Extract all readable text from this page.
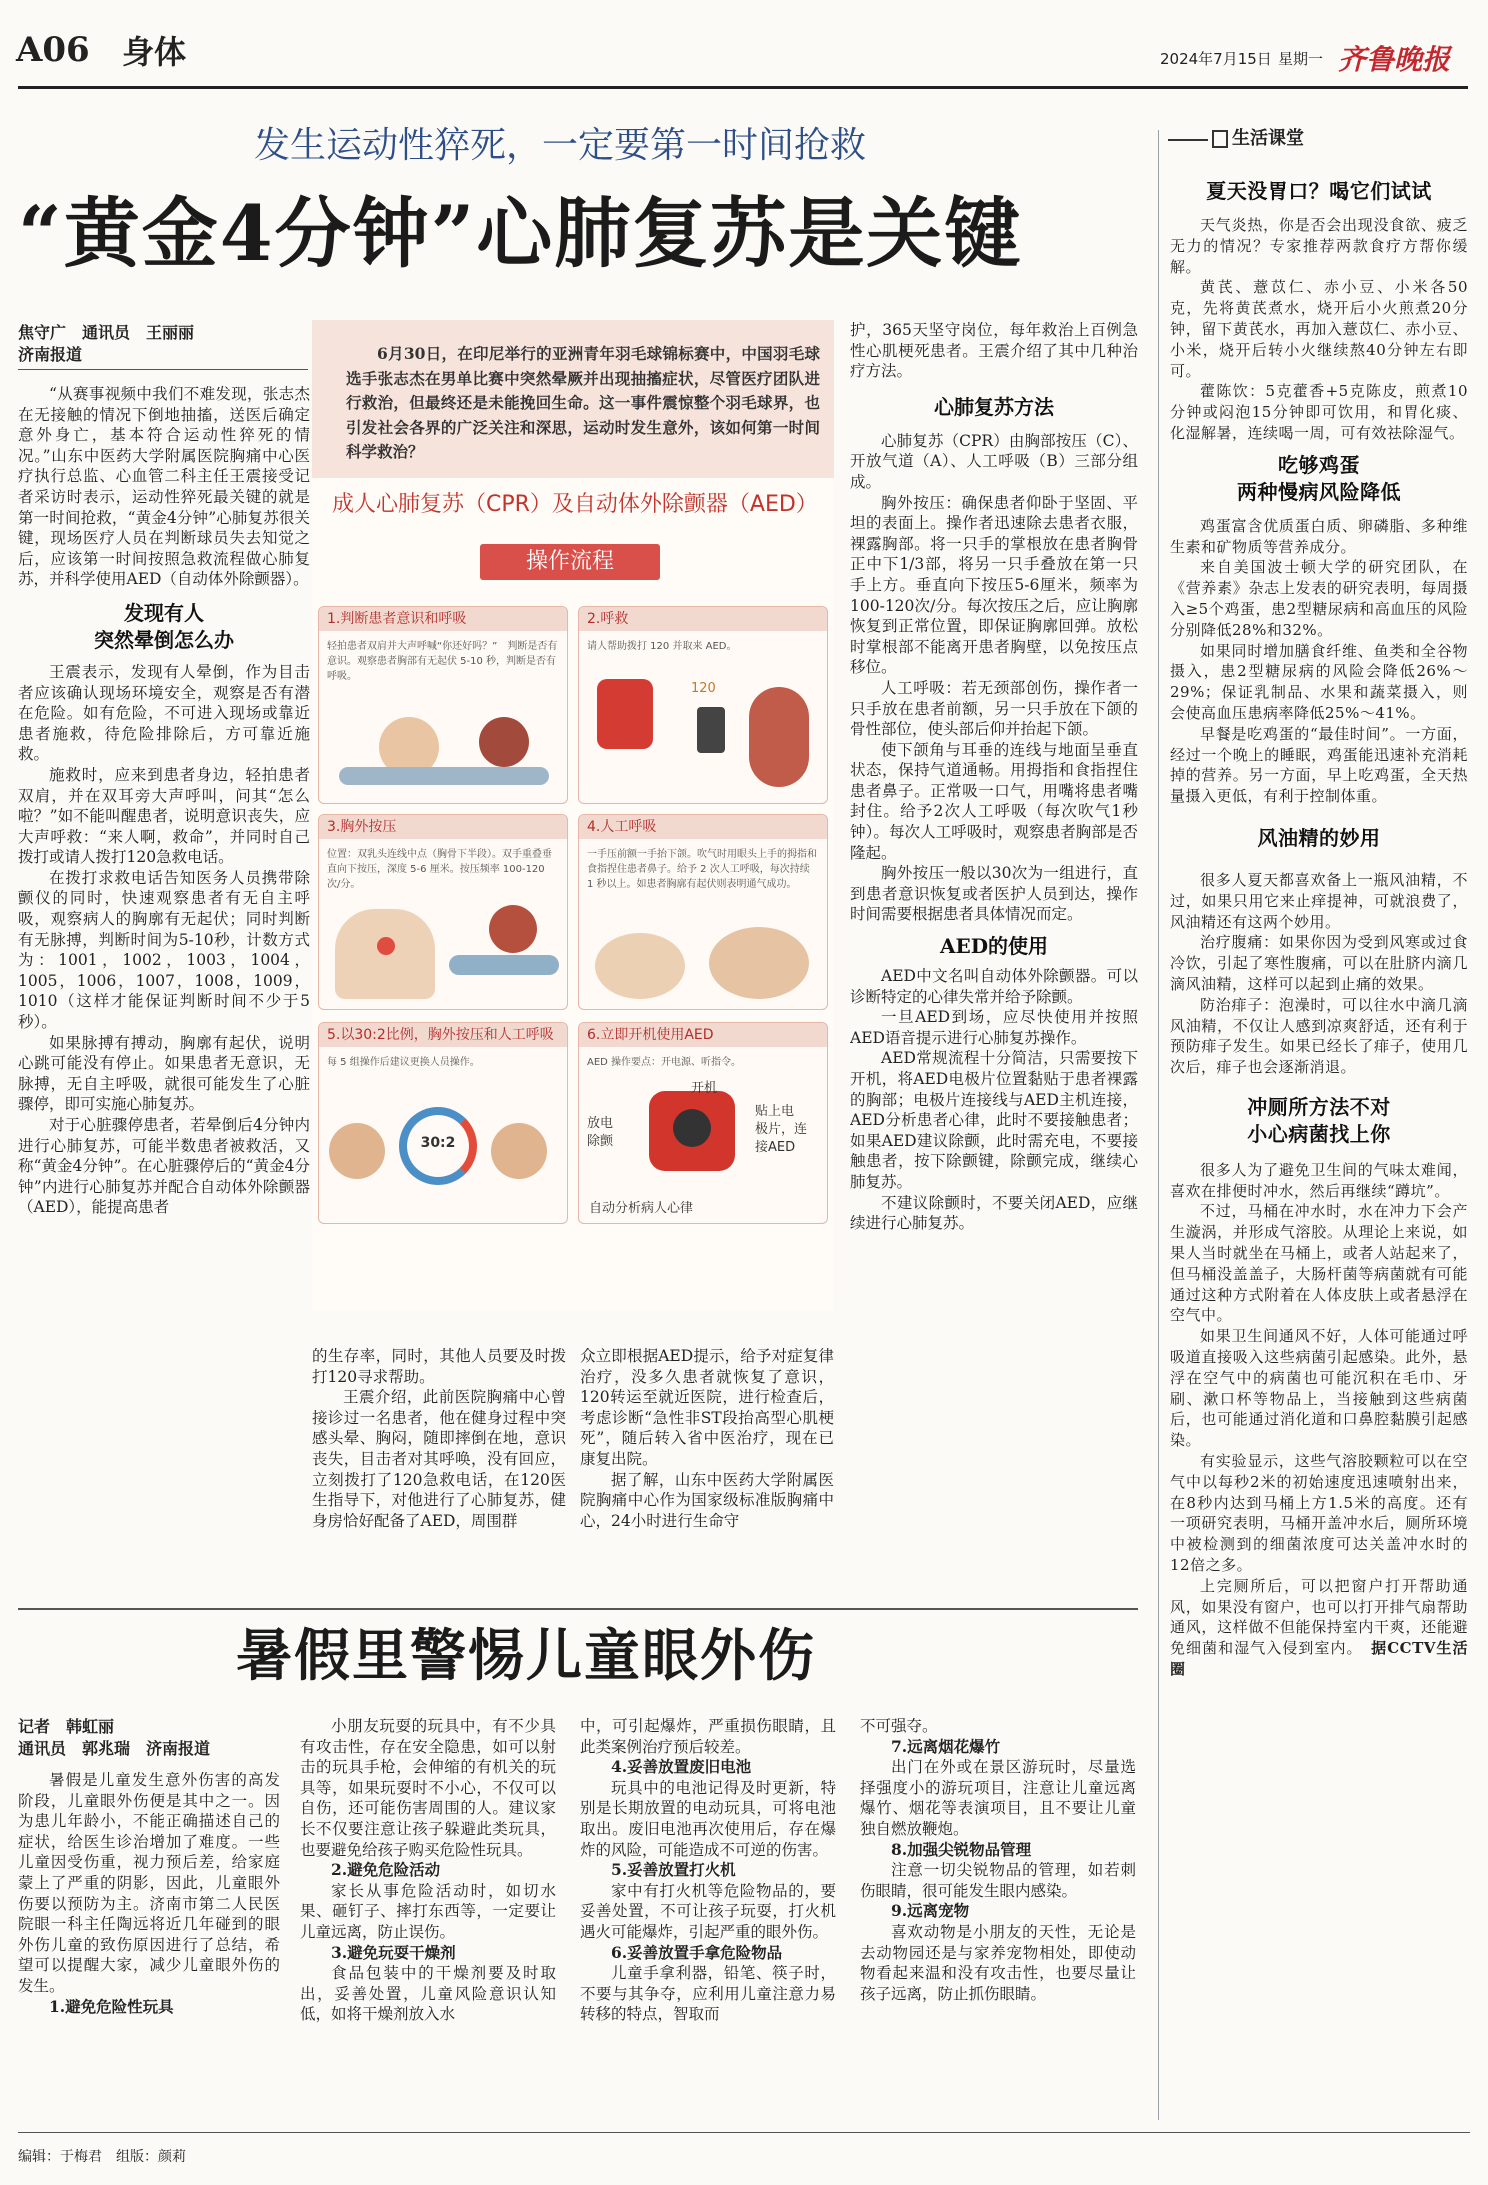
A06 身体	2024年7月15日 星期一 齐鲁晚报
发生运动性猝死，一定要第一时间抢救
“黄金4分钟”心肺复苏是关键
焦守广　通讯员　王丽丽
济南报道

“从赛事视频中我们不难发现，张志杰在无接触的情况下倒地抽搐，送医后确定意外身亡，基本符合运动性猝死的情况。”山东中医药大学附属医院胸痛中心医疗执行总监、心血管二科主任王震接受记者采访时表示，运动性猝死最关键的就是第一时间抢救，“黄金4分钟”心肺复苏很关键，现场医疗人员在判断球员失去知觉之后，应该第一时间按照急救流程做心肺复苏，并科学使用AED（自动体外除颤器）。

发现有人
突然晕倒怎么办

王震表示，发现有人晕倒，作为目击者应该确认现场环境安全，观察是否有潜在危险。如有危险，不可进入现场或靠近患者施救，待危险排除后，方可靠近施救。

施救时，应来到患者身边，轻拍患者双肩，并在双耳旁大声呼叫，问其“怎么啦？”如不能叫醒患者，说明意识丧失，应大声呼救：“来人啊，救命”，并同时自己拨打或请人拨打120急救电话。

在拨打求救电话告知医务人员携带除颤仪的同时，快速观察患者有无自主呼吸，观察病人的胸廓有无起伏；同时判断有无脉搏，判断时间为5-10秒，计数方式为：1001，1002，1003，1004，1005，1006，1007，1008，1009，1010（这样才能保证判断时间不少于5秒）。

如果脉搏有搏动，胸廓有起伏，说明心跳可能没有停止。如果患者无意识，无脉搏，无自主呼吸，就很可能发生了心脏骤停，即可实施心肺复苏。

对于心脏骤停患者，若晕倒后4分钟内进行心肺复苏，可能半数患者被救活，又称“黄金4分钟”。在心脏骤停后的“黄金4分钟”内进行心肺复苏并配合自动体外除颤器（AED），能提高患者

6月30日，在印尼举行的亚洲青年羽毛球锦标赛中，中国羽毛球选手张志杰在男单比赛中突然晕厥并出现抽搐症状，尽管医疗团队进行救治，但最终还是未能挽回生命。这一事件震惊整个羽毛球界，也引发社会各界的广泛关注和深思，运动时发生意外，该如何第一时间科学救治？
成人心肺复苏（CPR）及自动体外除颤器（AED）
操作流程
1.判断患者意识和呼吸
轻拍患者双肩并大声呼喊“你还好吗？”　判断是否有意识。观察患者胸部有无起伏 5-10 秒，判断是否有呼吸。
2.呼救
请人帮助拨打 120 并取来 AED。
120
3.胸外按压
位置：双乳头连线中点（胸骨下半段）。双手重叠垂直向下按压，深度 5-6 厘米。按压频率 100-120 次/分。
4.人工呼吸
一手压前额一手抬下颌。吹气时用眼头上手的拇指和食指捏住患者鼻子。给予 2 次人工呼吸，每次持续 1 秒以上。如患者胸廓有起伏则表明通气成功。
5.以30:2比例，胸外按压和人工呼吸
每 5 组操作后建议更换人员操作。
30:2
6.立即开机使用AED
AED 操作要点：开电源、听指令。
开机
放电
除颤
贴上电
极片，连
接AED
自动分析病人心律

的生存率，同时，其他人员要及时拨打120寻求帮助。

王震介绍，此前医院胸痛中心曾接诊过一名患者，他在健身过程中突感头晕、胸闷，随即摔倒在地，意识丧失，目击者对其呼唤，没有回应，立刻拨打了120急救电话，在120医生指导下，对他进行了心肺复苏，健身房恰好配备了AED，周围群

众立即根据AED提示，给予对症复律治疗，没多久患者就恢复了意识，120转运至就近医院，进行检查后，考虑诊断“急性非ST段抬高型心肌梗死”，随后转入省中医治疗，现在已康复出院。

据了解，山东中医药大学附属医院胸痛中心作为国家级标准版胸痛中心，24小时进行生命守

护，365天坚守岗位，每年救治上百例急性心肌梗死患者。王震介绍了其中几种治疗方法。

心肺复苏方法

心肺复苏（CPR）由胸部按压（C）、开放气道（A）、人工呼吸（B）三部分组成。

胸外按压：确保患者仰卧于坚固、平坦的表面上。操作者迅速除去患者衣服，裸露胸部。将一只手的掌根放在患者胸骨正中下1/3部，将另一只手叠放在第一只手上方。垂直向下按压5-6厘米，频率为100-120次/分。每次按压之后，应让胸廓恢复到正常位置，即保证胸廓回弹。放松时掌根部不能离开患者胸壁，以免按压点移位。

人工呼吸：若无颈部创伤，操作者一只手放在患者前额，另一只手放在下颌的骨性部位，使头部后仰并抬起下颌。

使下颌角与耳垂的连线与地面呈垂直状态，保持气道通畅。用拇指和食指捏住患者鼻子。正常吸一口气，用嘴将患者嘴封住。给予2次人工呼吸（每次吹气1秒钟）。每次人工呼吸时，观察患者胸部是否隆起。

胸外按压一般以30次为一组进行，直到患者意识恢复或者医护人员到达，操作时间需要根据患者具体情况而定。

AED的使用

AED中文名叫自动体外除颤器。可以诊断特定的心律失常并给予除颤。

一旦AED到场，应尽快使用并按照AED语音提示进行心肺复苏操作。

AED常规流程十分简洁，只需要按下开机，将AED电极片位置黏贴于患者裸露的胸部；电极片连接线与AED主机连接，AED分析患者心律，此时不要接触患者；如果AED建议除颤，此时需充电，不要接触患者，按下除颤键，除颤完成，继续心肺复苏。

不建议除颤时，不要关闭AED，应继续进行心肺复苏。

暑假里警惕儿童眼外伤
记者　韩虹丽
通讯员　郭兆瑞　济南报道

暑假是儿童发生意外伤害的高发阶段，儿童眼外伤便是其中之一。因为患儿年龄小，不能正确描述自己的症状，给医生诊治增加了难度。一些儿童因受伤重，视力预后差，给家庭蒙上了严重的阴影，因此，儿童眼外伤要以预防为主。济南市第二人民医院眼一科主任陶远将近几年碰到的眼外伤儿童的致伤原因进行了总结，希望可以提醒大家，减少儿童眼外伤的发生。

1.避免危险性玩具

小朋友玩耍的玩具中，有不少具有攻击性，存在安全隐患，如可以射击的玩具手枪，会伸缩的有机关的玩具等，如果玩耍时不小心，不仅可以自伤，还可能伤害周围的人。建议家长不仅要注意让孩子躲避此类玩具，也要避免给孩子购买危险性玩具。

2.避免危险活动

家长从事危险活动时，如切水果、砸钉子、摔打东西等，一定要让儿童远离，防止误伤。

3.避免玩耍干燥剂

食品包装中的干燥剂要及时取出，妥善处置，儿童风险意识认知低，如将干燥剂放入水

中，可引起爆炸，严重损伤眼睛，且此类案例治疗预后较差。

4.妥善放置废旧电池

玩具中的电池记得及时更新，特别是长期放置的电动玩具，可将电池取出。废旧电池再次使用后，存在爆炸的风险，可能造成不可逆的伤害。

5.妥善放置打火机

家中有打火机等危险物品的，要妥善处置，不可让孩子玩耍，打火机遇火可能爆炸，引起严重的眼外伤。

6.妥善放置手拿危险物品

儿童手拿利器，铅笔、筷子时，不要与其争夺，应利用儿童注意力易转移的特点，智取而

不可强夺。

7.远离烟花爆竹

出门在外或在景区游玩时，尽量选择强度小的游玩项目，注意让儿童远离爆竹、烟花等表演项目，且不要让儿童独自燃放鞭炮。

8.加强尖锐物品管理

注意一切尖锐物品的管理，如若刺伤眼睛，很可能发生眼内感染。

9.远离宠物

喜欢动物是小朋友的天性，无论是去动物园还是与家养宠物相处，即使动物看起来温和没有攻击性，也要尽量让孩子远离，防止抓伤眼睛。

生活课堂
夏天没胃口？喝它们试试

天气炎热，你是否会出现没食欲、疲乏无力的情况？专家推荐两款食疗方帮你缓解。

黄芪、薏苡仁、赤小豆、小米各50克，先将黄芪煮水，烧开后小火煎煮20分钟，留下黄芪水，再加入薏苡仁、赤小豆、小米，烧开后转小火继续熬40分钟左右即可。

藿陈饮：5克藿香+5克陈皮，煎煮10分钟或闷泡15分钟即可饮用，和胃化痰、化湿解暑，连续喝一周，可有效祛除湿气。

吃够鸡蛋
两种慢病风险降低

鸡蛋富含优质蛋白质、卵磷脂、多种维生素和矿物质等营养成分。

来自美国波士顿大学的研究团队，在《营养素》杂志上发表的研究表明，每周摄入≥5个鸡蛋，患2型糖尿病和高血压的风险分别降低28%和32%。

如果同时增加膳食纤维、鱼类和全谷物摄入，患2型糖尿病的风险会降低26%～29%；保证乳制品、水果和蔬菜摄入，则会使高血压患病率降低25%～41%。

早餐是吃鸡蛋的“最佳时间”。一方面，经过一个晚上的睡眠，鸡蛋能迅速补充消耗掉的营养。另一方面，早上吃鸡蛋，全天热量摄入更低，有利于控制体重。

风油精的妙用

很多人夏天都喜欢备上一瓶风油精，不过，如果只用它来止痒提神，可就浪费了，风油精还有这两个妙用。

治疗腹痛：如果你因为受到风寒或过食冷饮，引起了寒性腹痛，可以在肚脐内滴几滴风油精，这样可以起到止痛的效果。

防治痱子：泡澡时，可以往水中滴几滴风油精，不仅让人感到凉爽舒适，还有利于预防痱子发生。如果已经长了痱子，使用几次后，痱子也会逐渐消退。

冲厕所方法不对
小心病菌找上你

很多人为了避免卫生间的气味太难闻，喜欢在排便时冲水，然后再继续“蹲坑”。

不过，马桶在冲水时，水在冲力下会产生漩涡，并形成气溶胶。从理论上来说，如果人当时就坐在马桶上，或者人站起来了，但马桶没盖盖子，大肠杆菌等病菌就有可能通过这种方式附着在人体皮肤上或者悬浮在空气中。

如果卫生间通风不好，人体可能通过呼吸道直接吸入这些病菌引起感染。此外，悬浮在空气中的病菌也可能沉积在毛巾、牙刷、漱口杯等物品上，当接触到这些病菌后，也可能通过消化道和口鼻腔黏膜引起感染。

有实验显示，这些气溶胶颗粒可以在空气中以每秒2米的初始速度迅速喷射出来，在8秒内达到马桶上方1.5米的高度。还有一项研究表明，马桶开盖冲水后，厕所环境中被检测到的细菌浓度可达关盖冲水时的12倍之多。

上完厕所后，可以把窗户打开帮助通风，如果没有窗户，也可以打开排气扇帮助通风，这样做不但能保持室内干爽，还能避免细菌和湿气入侵到室内。　 据CCTV生活圈

编辑：于梅君　组版：颜莉
